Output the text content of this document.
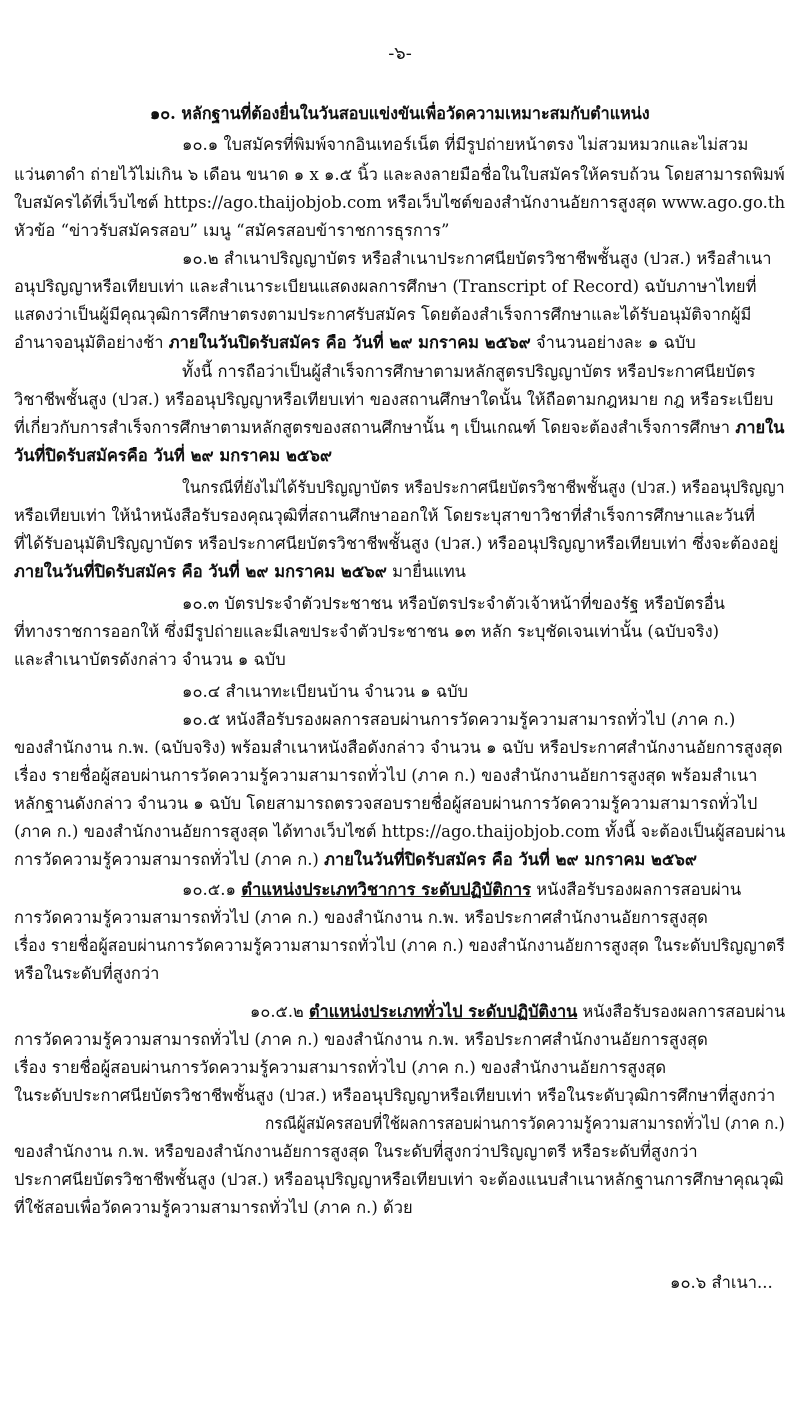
-๖-
๑๐. หลักฐานที่ต้องยื่นในวันสอบแข่งขันเพื่อวัดความเหมาะสมกับตำแหน่ง
๑๐.๑ ใบสมัครที่พิมพ์จากอินเทอร์เน็ต ที่มีรูปถ่ายหน้าตรง ไม่สวมหมวกและไม่สวม
แว่นตาดำ ถ่ายไว้ไม่เกิน ๖ เดือน ขนาด ๑ x ๑.๕ นิ้ว และลงลายมือชื่อในใบสมัครให้ครบถ้วน โดยสามารถพิมพ์
ใบสมัครได้ที่เว็บไซต์ https://ago.thaijobjob.com หรือเว็บไซต์ของสำนักงานอัยการสูงสุด www.ago.go.th
หัวข้อ “ข่าวรับสมัครสอบ” เมนู “สมัครสอบข้าราชการธุรการ”
๑๐.๒ สำเนาปริญญาบัตร หรือสำเนาประกาศนียบัตรวิชาชีพชั้นสูง (ปวส.) หรือสำเนา
อนุปริญญาหรือเทียบเท่า และสำเนาระเบียนแสดงผลการศึกษา (Transcript of Record) ฉบับภาษาไทยที่
แสดงว่าเป็นผู้มีคุณวุฒิการศึกษาตรงตามประกาศรับสมัคร โดยต้องสำเร็จการศึกษาและได้รับอนุมัติจากผู้มี
อำนาจอนุมัติอย่างช้า ภายในวันปิดรับสมัคร คือ วันที่ ๒๙ มกราคม ๒๕๖๙ จำนวนอย่างละ ๑ ฉบับ
ทั้งนี้ การถือว่าเป็นผู้สำเร็จการศึกษาตามหลักสูตรปริญญาบัตร หรือประกาศนียบัตร
วิชาชีพชั้นสูง (ปวส.) หรืออนุปริญญาหรือเทียบเท่า ของสถานศึกษาใดนั้น ให้ถือตามกฎหมาย กฎ หรือระเบียบ
ที่เกี่ยวกับการสำเร็จการศึกษาตามหลักสูตรของสถานศึกษานั้น ๆ เป็นเกณฑ์ โดยจะต้องสำเร็จการศึกษา ภายใน
วันที่ปิดรับสมัครคือ วันที่ ๒๙ มกราคม ๒๕๖๙
ในกรณีที่ยังไม่ได้รับปริญญาบัตร หรือประกาศนียบัตรวิชาชีพชั้นสูง (ปวส.) หรืออนุปริญญา
หรือเทียบเท่า ให้นำหนังสือรับรองคุณวุฒิที่สถานศึกษาออกให้ โดยระบุสาขาวิชาที่สำเร็จการศึกษาและวันที่
ที่ได้รับอนุมัติปริญญาบัตร หรือประกาศนียบัตรวิชาชีพชั้นสูง (ปวส.) หรืออนุปริญญาหรือเทียบเท่า ซึ่งจะต้องอยู่
ภายในวันที่ปิดรับสมัคร คือ วันที่ ๒๙ มกราคม ๒๕๖๙ มายื่นแทน
๑๐.๓ บัตรประจำตัวประชาชน หรือบัตรประจำตัวเจ้าหน้าที่ของรัฐ หรือบัตรอื่น
ที่ทางราชการออกให้ ซึ่งมีรูปถ่ายและมีเลขประจำตัวประชาชน ๑๓ หลัก ระบุชัดเจนเท่านั้น (ฉบับจริง)
และสำเนาบัตรดังกล่าว จำนวน ๑ ฉบับ
๑๐.๔ สำเนาทะเบียนบ้าน จำนวน ๑ ฉบับ
๑๐.๕ หนังสือรับรองผลการสอบผ่านการวัดความรู้ความสามารถทั่วไป (ภาค ก.)
ของสำนักงาน ก.พ. (ฉบับจริง) พร้อมสำเนาหนังสือดังกล่าว จำนวน ๑ ฉบับ หรือประกาศสำนักงานอัยการสูงสุด
เรื่อง รายชื่อผู้สอบผ่านการวัดความรู้ความสามารถทั่วไป (ภาค ก.) ของสำนักงานอัยการสูงสุด พร้อมสำเนา
หลักฐานดังกล่าว จำนวน ๑ ฉบับ โดยสามารถตรวจสอบรายชื่อผู้สอบผ่านการวัดความรู้ความสามารถทั่วไป
(ภาค ก.) ของสำนักงานอัยการสูงสุด ได้ทางเว็บไซต์ https://ago.thaijobjob.com ทั้งนี้ จะต้องเป็นผู้สอบผ่าน
การวัดความรู้ความสามารถทั่วไป (ภาค ก.) ภายในวันที่ปิดรับสมัคร คือ วันที่ ๒๙ มกราคม ๒๕๖๙
๑๐.๕.๑ ตำแหน่งประเภทวิชาการ ระดับปฏิบัติการ หนังสือรับรองผลการสอบผ่าน
การวัดความรู้ความสามารถทั่วไป (ภาค ก.) ของสำนักงาน ก.พ. หรือประกาศสำนักงานอัยการสูงสุด
เรื่อง รายชื่อผู้สอบผ่านการวัดความรู้ความสามารถทั่วไป (ภาค ก.) ของสำนักงานอัยการสูงสุด ในระดับปริญญาตรี
หรือในระดับที่สูงกว่า
๑๐.๕.๒ ตำแหน่งประเภททั่วไป ระดับปฏิบัติงาน หนังสือรับรองผลการสอบผ่าน
การวัดความรู้ความสามารถทั่วไป (ภาค ก.) ของสำนักงาน ก.พ. หรือประกาศสำนักงานอัยการสูงสุด
เรื่อง รายชื่อผู้สอบผ่านการวัดความรู้ความสามารถทั่วไป (ภาค ก.) ของสำนักงานอัยการสูงสุด
ในระดับประกาศนียบัตรวิชาชีพชั้นสูง (ปวส.) หรืออนุปริญญาหรือเทียบเท่า หรือในระดับวุฒิการศึกษาที่สูงกว่า
กรณีผู้สมัครสอบที่ใช้ผลการสอบผ่านการวัดความรู้ความสามารถทั่วไป (ภาค ก.)
ของสำนักงาน ก.พ. หรือของสำนักงานอัยการสูงสุด ในระดับที่สูงกว่าปริญญาตรี หรือระดับที่สูงกว่า
ประกาศนียบัตรวิชาชีพชั้นสูง (ปวส.) หรืออนุปริญญาหรือเทียบเท่า จะต้องแนบสำเนาหลักฐานการศึกษาคุณวุฒิ
ที่ใช้สอบเพื่อวัดความรู้ความสามารถทั่วไป (ภาค ก.) ด้วย
๑๐.๖ สำเนา...
